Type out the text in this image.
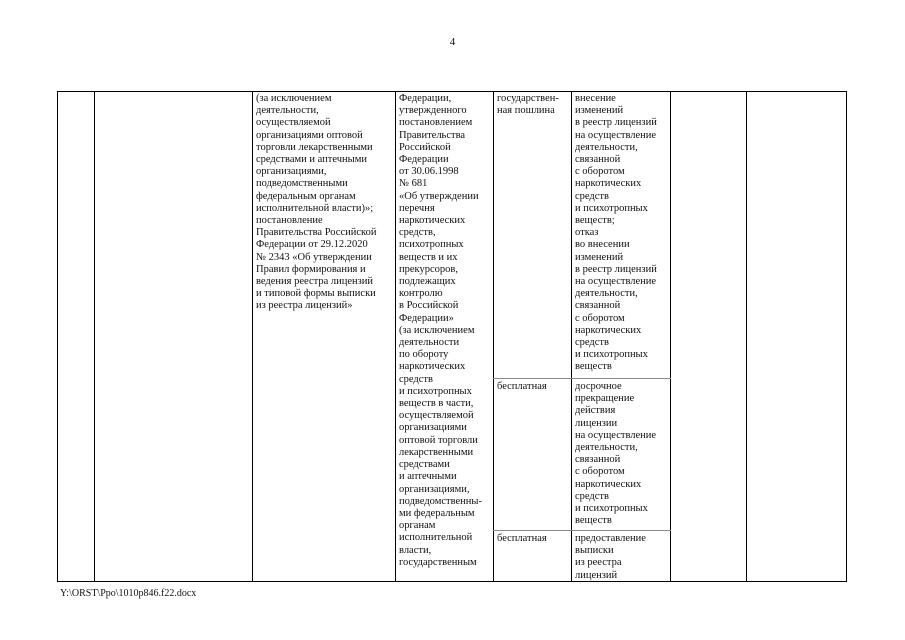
4
(за исключением
деятельности,
осуществляемой
организациями оптовой
торговли лекарственными
средствами и аптечными
организациями,
подведомственными
федеральным органам
исполнительной власти)»;
постановление
Правительства Российской
Федерации от 29.12.2020
№ 2343 «Об утверждении
Правил формирования и
ведения реестра лицензий
и типовой формы выписки
из реестра лицензий»
Федерации,
утвержденного
постановлением
Правительства
Российской
Федерации
от 30.06.1998
№ 681
«Об утверждении
перечня
наркотических
средств,
психотропных
веществ и их
прекурсоров,
подлежащих
контролю
в Российской
Федерации»
(за исключением
деятельности
по обороту
наркотических
средств
и психотропных
веществ в части,
осуществляемой
организациями
оптовой торговли
лекарственными
средствами
и аптечными
организациями,
подведомственны-
ми федеральным
органам
исполнительной
власти,
государственным
государствен-
ная пошлина
внесение
изменений
в реестр лицензий
на осуществление
деятельности,
связанной
с оборотом
наркотических
средств
и психотропных
веществ;
отказ
во внесении
изменений
в реестр лицензий
на осуществление
деятельности,
связанной
с оборотом
наркотических
средств
и психотропных
веществ
бесплатная	досрочное
прекращение
действия
лицензии
на осуществление
деятельности,
связанной
с оборотом
наркотических
средств
и психотропных
веществ
бесплатная	предоставление
выписки
из реестра
лицензий
Y:\ORST\Ppo\1010p846.f22.docx
